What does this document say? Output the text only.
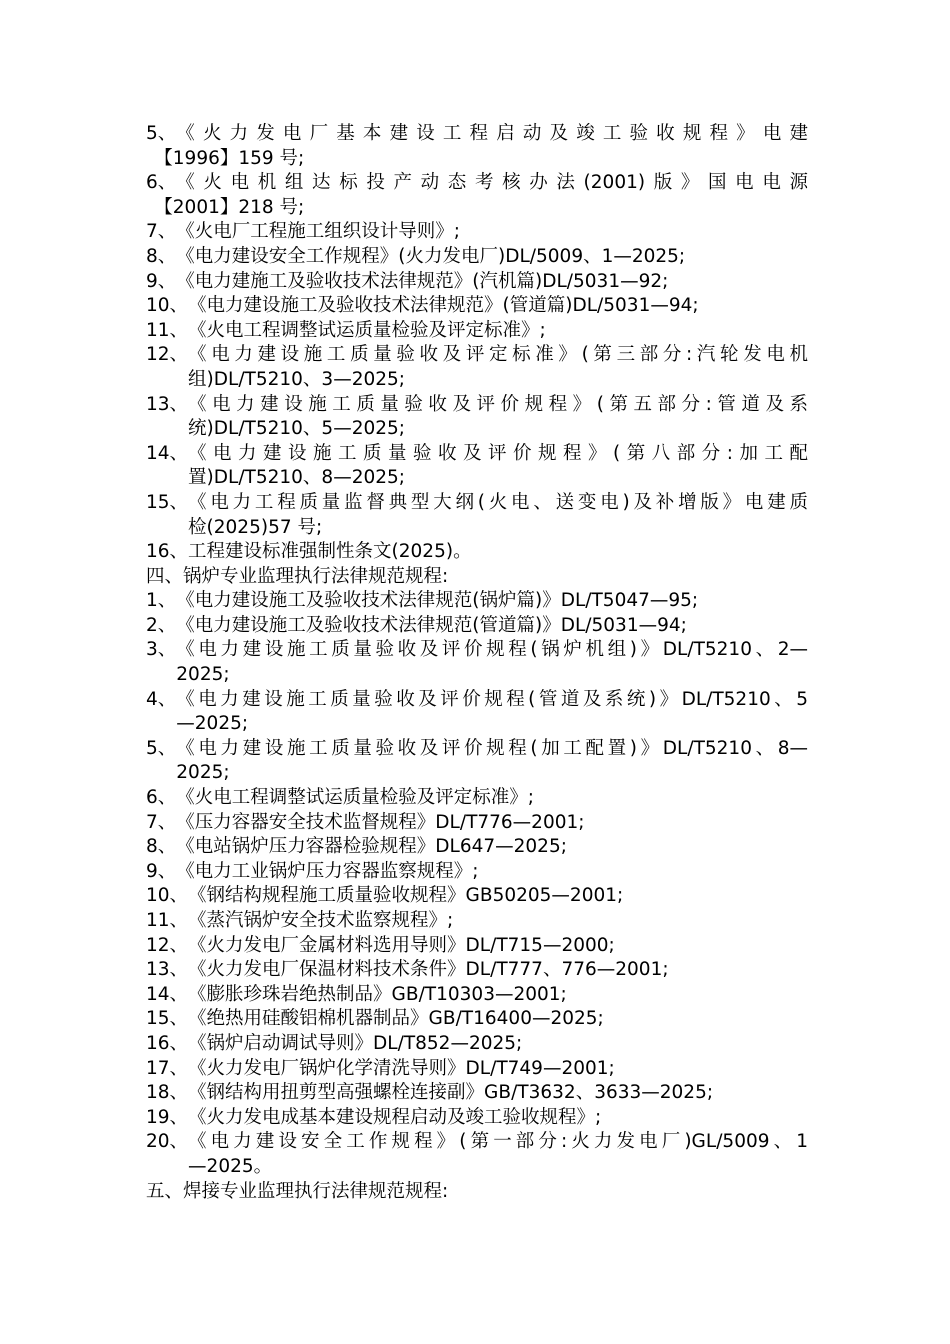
5、 《火力发电厂基本建设工程启动及竣工验收规程》电建
【1996】159 号;
6、 《火电机组达标投产动态考核办法(2001)版》国电电源
【2001】218 号;
7、 《火电厂工程施工组织设计导则》;
8、 《电力建设安全工作规程》(火力发电厂)DL/5009、1—2025;
9、 《电力建施工及验收技术法律规范》(汽机篇)DL/5031—92;
10、 《电力建设施工及验收技术法律规范》(管道篇)DL/5031—94;
11、 《火电工程调整试运质量检验及评定标准》;
12、 《电力建设施工质量验收及评定标准》(第三部分:汽轮发电机
组)DL/T5210、3—2025;
13、 《电力建设施工质量验收及评价规程》(第五部分:管道及系
统)DL/T5210、5—2025;
14、 《电力建设施工质量验收及评价规程》(第八部分:加工配
置)DL/T5210、8—2025;
15、 《电力工程质量监督典型大纲(火电、送变电)及补增版》电建质
检(2025)57 号;
16、 工程建设标准强制性条文(2025)。
四、锅炉专业监理执行法律规范规程:
1、 《电力建设施工及验收技术法律规范(锅炉篇)》DL/T5047—95;
2、 《电力建设施工及验收技术法律规范(管道篇)》DL/5031—94;
3、 《电力建设施工质量验收及评价规程(锅炉机组)》DL/T5210、2—
2025;
4、 《电力建设施工质量验收及评价规程(管道及系统)》DL/T5210、5
—2025;
5、 《电力建设施工质量验收及评价规程(加工配置)》DL/T5210、8—
2025;
6、 《火电工程调整试运质量检验及评定标准》;
7、 《压力容器安全技术监督规程》DL/T776—2001;
8、 《电站锅炉压力容器检验规程》DL647—2025;
9、 《电力工业锅炉压力容器监察规程》;
10、 《钢结构规程施工质量验收规程》GB50205—2001;
11、 《蒸汽锅炉安全技术监察规程》;
12、 《火力发电厂金属材料选用导则》DL/T715—2000;
13、 《火力发电厂保温材料技术条件》DL/T777、776—2001;
14、 《膨胀珍珠岩绝热制品》GB/T10303—2001;
15、 《绝热用硅酸铝棉机器制品》GB/T16400—2025;
16、 《锅炉启动调试导则》DL/T852—2025;
17、 《火力发电厂锅炉化学清洗导则》DL/T749—2001;
18、 《钢结构用扭剪型高强螺栓连接副》GB/T3632、3633—2025;
19、 《火力发电成基本建设规程启动及竣工验收规程》;
20、 《电力建设安全工作规程》(第一部分:火力发电厂)GL/5009、1
—2025。
五、焊接专业监理执行法律规范规程:
